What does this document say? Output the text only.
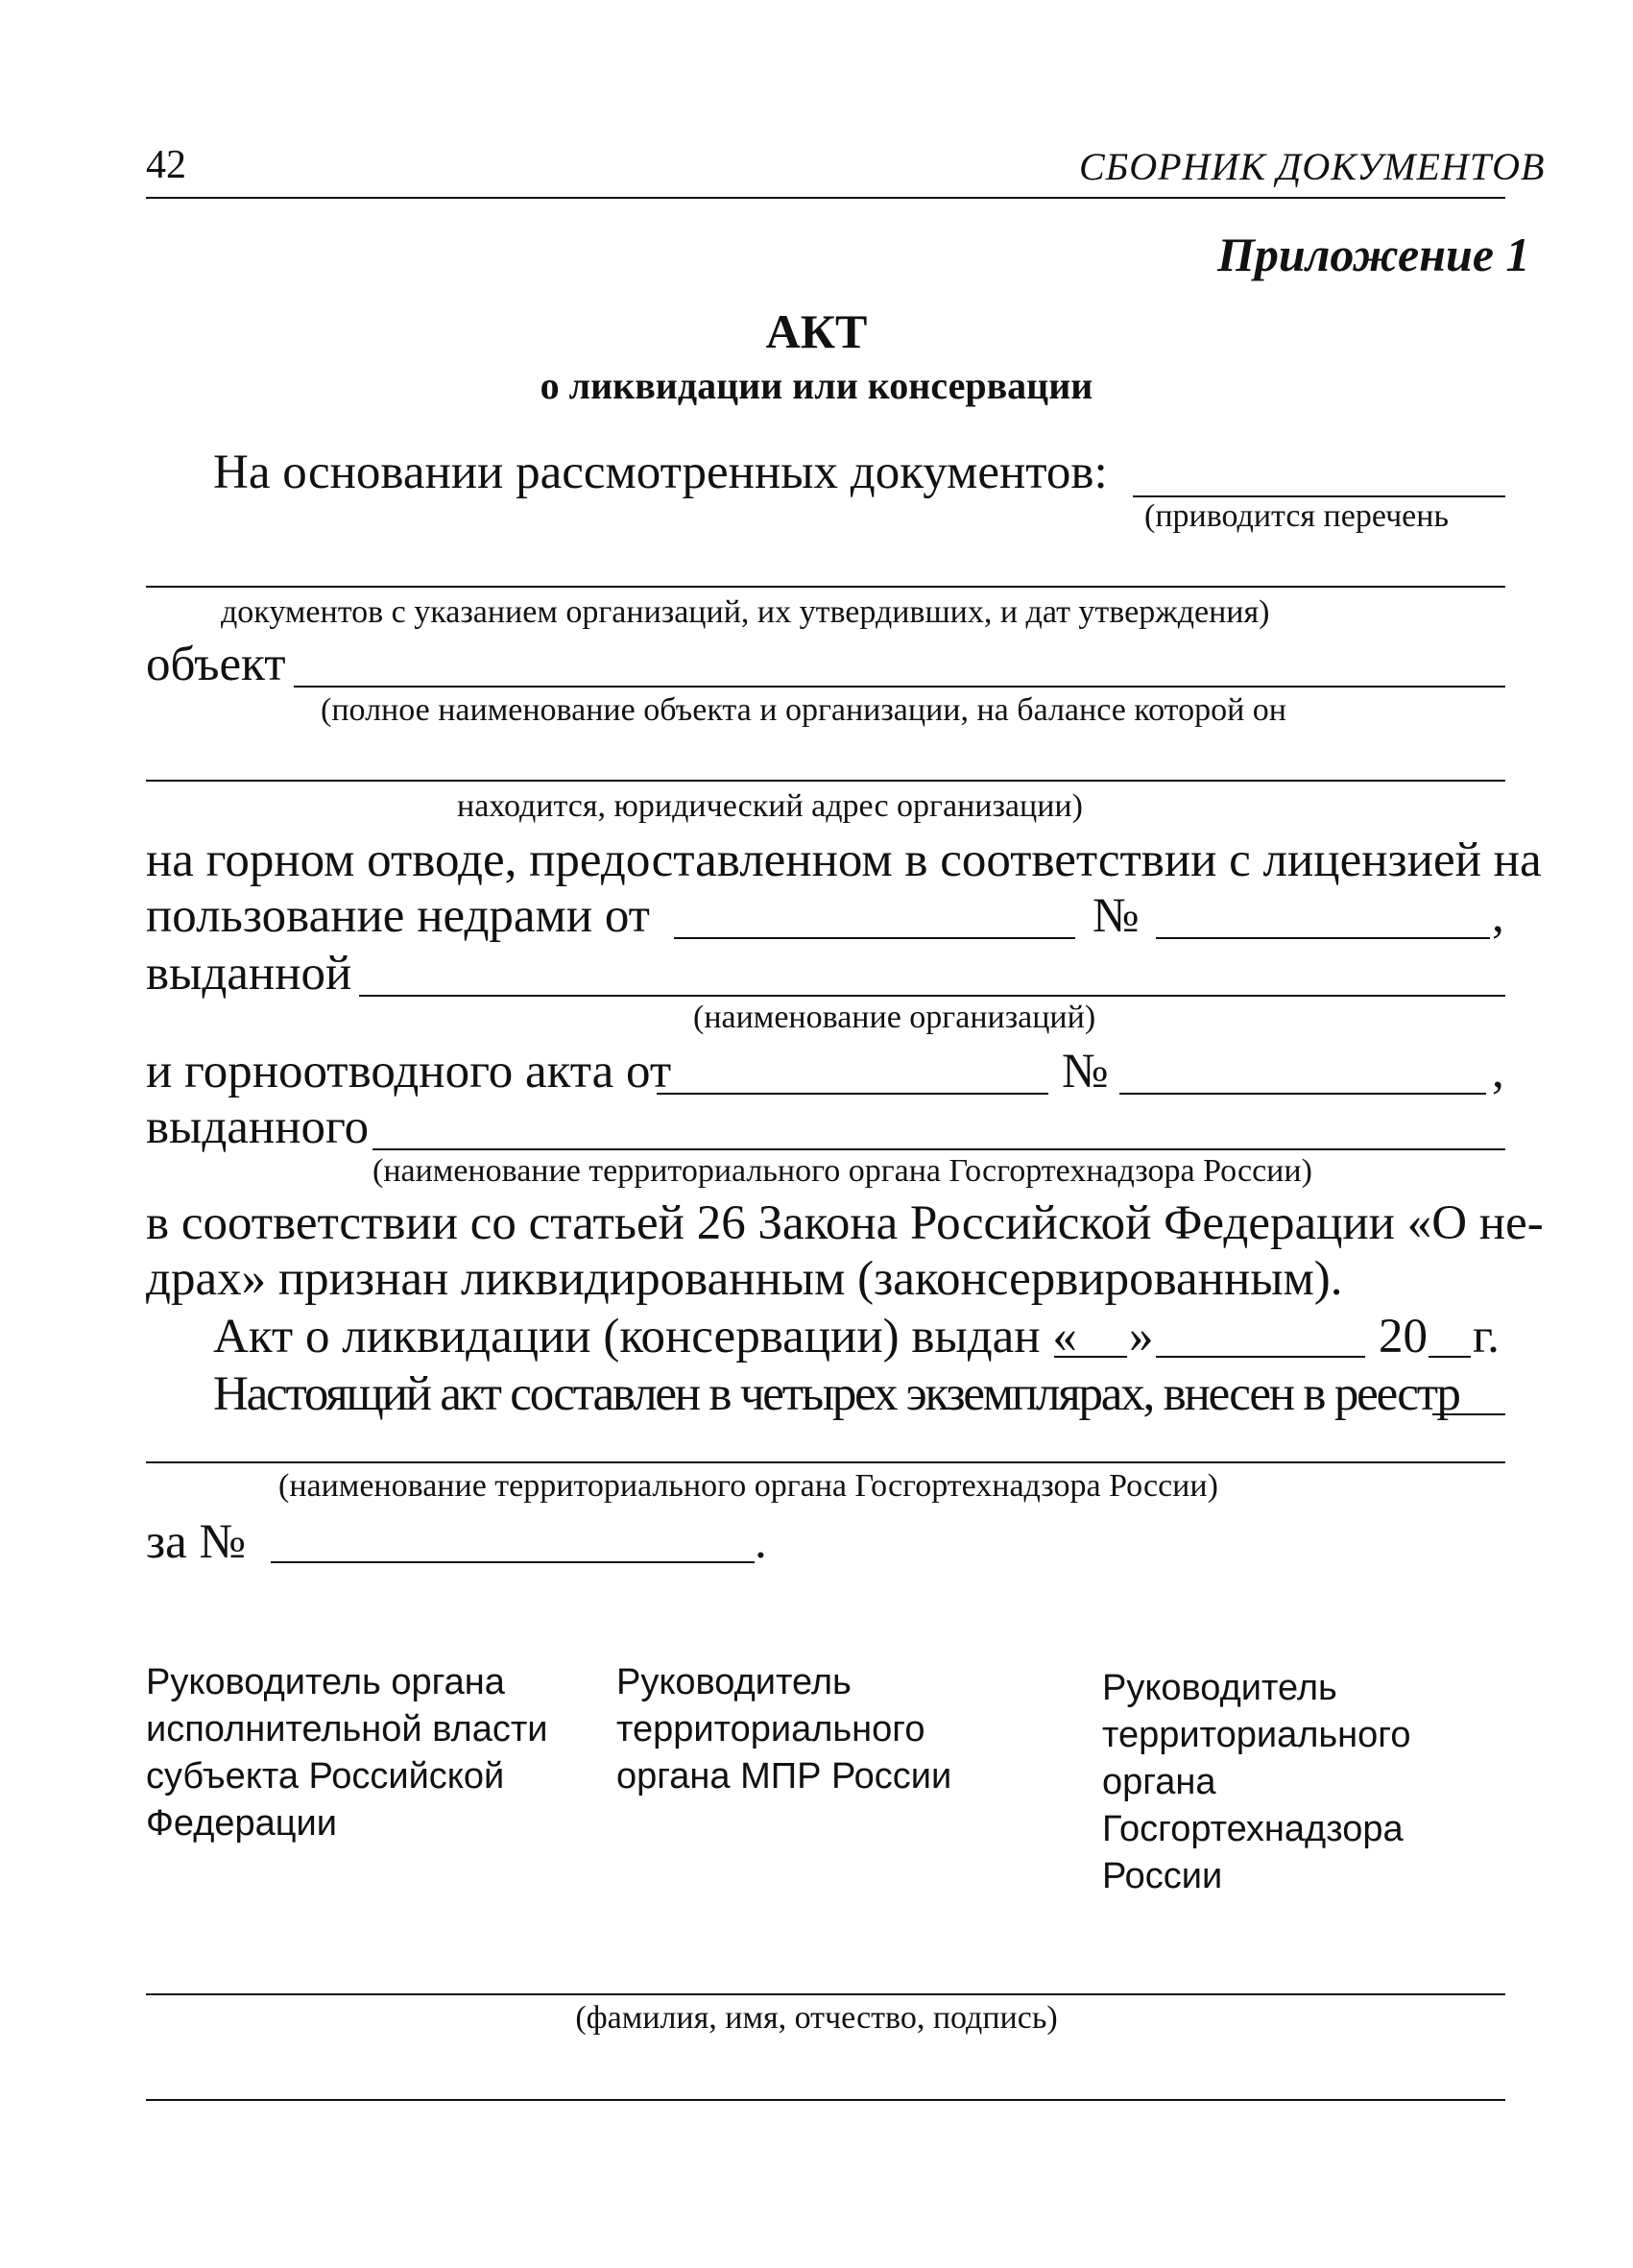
42	СБОРНИК ДОКУМЕНТОВ
Приложение 1
АКТ
о ликвидации или консервации
На основании рассмотренных документов:
(приводится перечень
документов с указанием организаций, их утвердивших, и дат утверждения)
объект
(полное наименование объекта и организации, на балансе которой он
находится, юридический адрес организации)
на горном отводе, предоставленном в соответствии с лицензией на
пользование недрами от	№	,
выданной
(наименование организаций)
и горноотводного акта от	№	,
выданного
(наименование территориального органа Госгортехнадзора России)
в соответствии со статьей 26 Закона Российской Федерации «О не-
драх» признан ликвидированным (законсервированным).
Акт о ликвидации (консервации) выдан « »	20 г.
Настоящий акт составлен в четырех экземплярах, внесен в реестр
(наименование территориального органа Госгортехнадзора России)
за №	.
Руководитель органа исполнительной власти субъекта Российской Федерации
Руководитель территориального органа МПР России
Руководитель территориального органа Госгортехнадзора России
(фамилия, имя, отчество, подпись)
